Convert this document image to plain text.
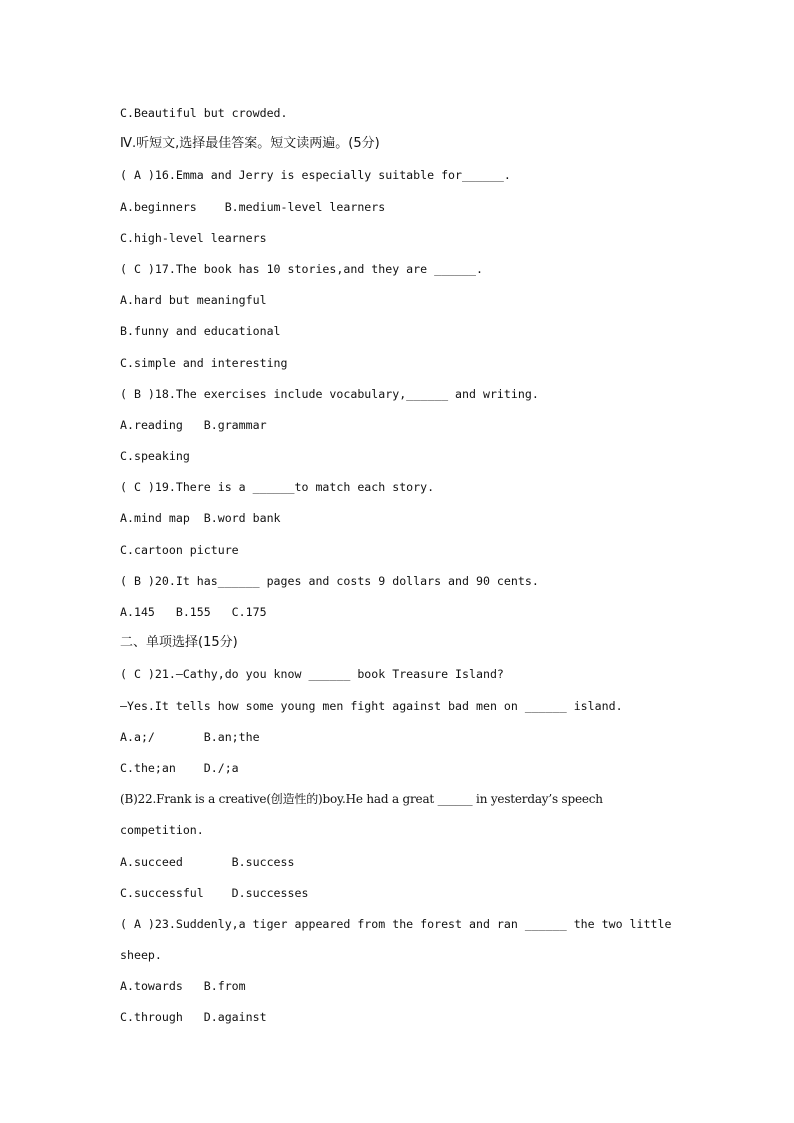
C.Beautiful but crowded.
Ⅳ.听短文,选择最佳答案。短文读两遍。(5分)
( A )16.Emma and Jerry is especially suitable for______.
A.beginners    B.medium-level learners
C.high-level learners
( C )17.The book has 10 stories,and they are ______.
A.hard but meaningful
B.funny and educational
C.simple and interesting
( B )18.The exercises include vocabulary,______ and writing.
A.reading   B.grammar
C.speaking
( C )19.There is a ______to match each story.
A.mind map  B.word bank
C.cartoon picture
( B )20.It has______ pages and costs 9 dollars and 90 cents.
A.145   B.155   C.175
二、单项选择(15分)
( C )21.—Cathy,do you know ______ book Treasure Island?
—Yes.It tells how some young men fight against bad men on ______ island.
A.a;/       B.an;the
C.the;an    D./;a
(B)22.Frank is a creative(创造性的)boy.He had a great ______ in yesterday’s speech
competition.
A.succeed       B.success
C.successful    D.successes
( A )23.Suddenly,a tiger appeared from the forest and ran ______ the two little
sheep.
A.towards   B.from
C.through   D.against
